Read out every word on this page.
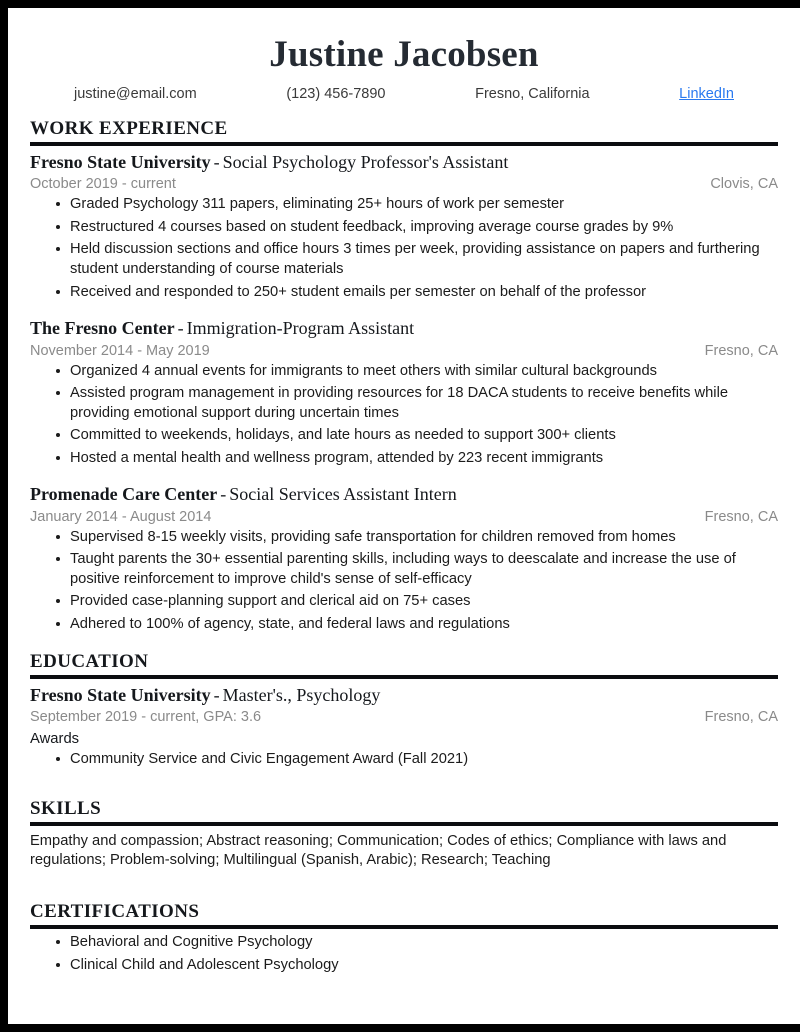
Justine Jacobsen
justine@email.com	(123) 456-7890	Fresno, California	LinkedIn
WORK EXPERIENCE
Fresno State University - Social Psychology Professor's Assistant
October 2019 - current	Clovis, CA
Graded Psychology 311 papers, eliminating 25+ hours of work per semester
Restructured 4 courses based on student feedback, improving average course grades by 9%
Held discussion sections and office hours 3 times per week, providing assistance on papers and furthering student understanding of course materials
Received and responded to 250+ student emails per semester on behalf of the professor
The Fresno Center - Immigration-Program Assistant
November 2014 - May 2019	Fresno, CA
Organized 4 annual events for immigrants to meet others with similar cultural backgrounds
Assisted program management in providing resources for 18 DACA students to receive benefits while providing emotional support during uncertain times
Committed to weekends, holidays, and late hours as needed to support 300+ clients
Hosted a mental health and wellness program, attended by 223 recent immigrants
Promenade Care Center - Social Services Assistant Intern
January 2014 - August 2014	Fresno, CA
Supervised 8-15 weekly visits, providing safe transportation for children removed from homes
Taught parents the 30+ essential parenting skills, including ways to deescalate and increase the use of positive reinforcement to improve child's sense of self-efficacy
Provided case-planning support and clerical aid on 75+ cases
Adhered to 100% of agency, state, and federal laws and regulations
EDUCATION
Fresno State University - Master's., Psychology
September 2019 - current, GPA: 3.6	Fresno, CA
Awards
Community Service and Civic Engagement Award (Fall 2021)
SKILLS
Empathy and compassion; Abstract reasoning; Communication; Codes of ethics; Compliance with laws and regulations; Problem-solving; Multilingual (Spanish, Arabic); Research; Teaching
CERTIFICATIONS
Behavioral and Cognitive Psychology
Clinical Child and Adolescent Psychology
